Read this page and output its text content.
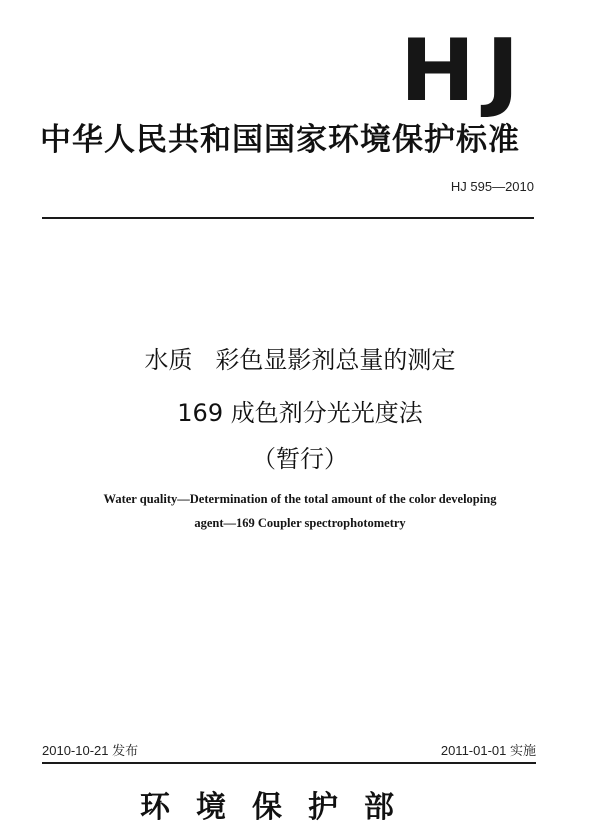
HJ
中华人民共和国国家环境保护标准
HJ 595—2010
水质   彩色显影剂总量的测定
169 成色剂分光光度法
（暂行）
Water quality—Determination of the total amount of the color developing
agent—169 Coupler spectrophotometry
2010-10-21 发布	2011-01-01 实施
环境保护部
